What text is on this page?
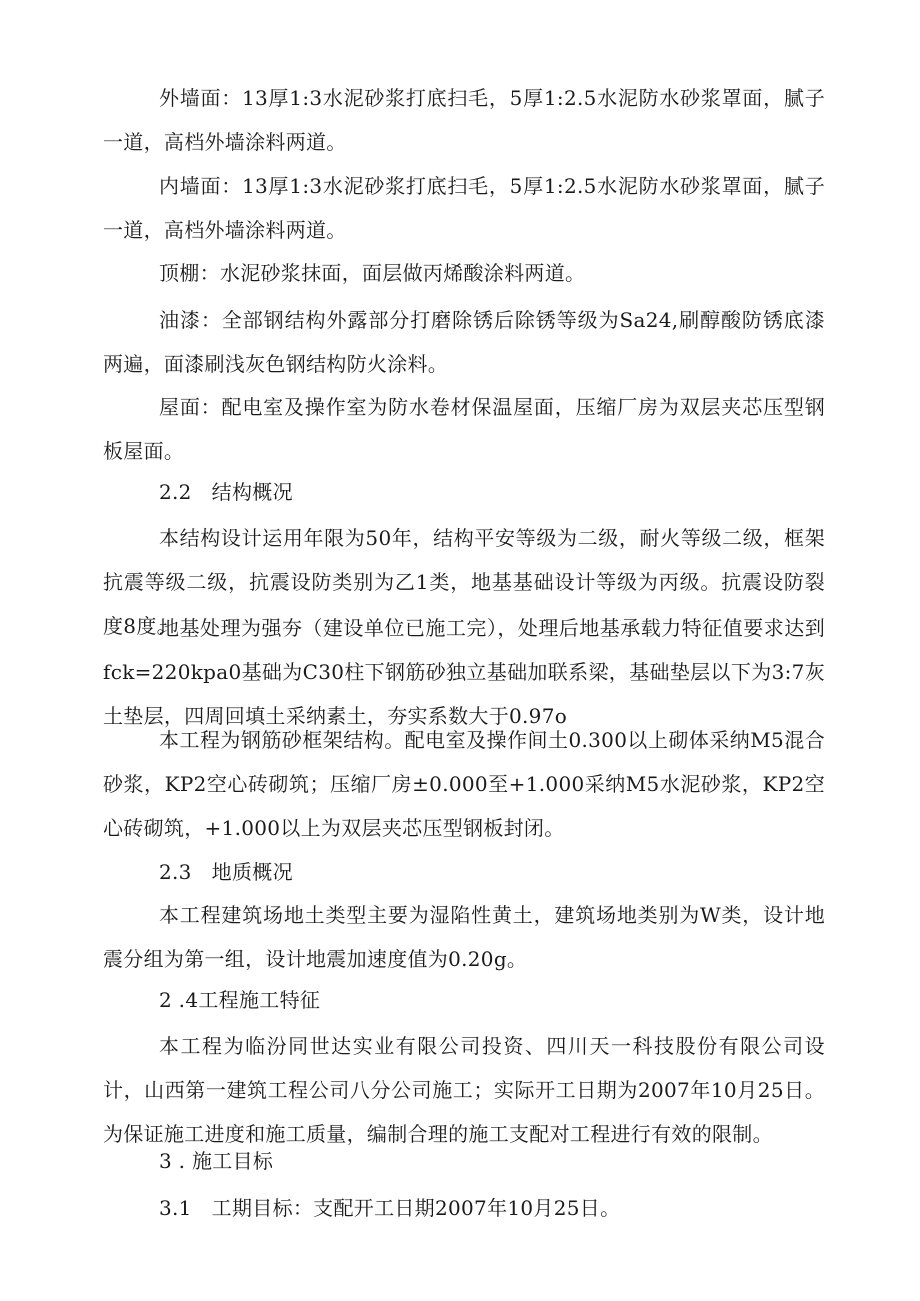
外墙面：13厚1:3水泥砂浆打底扫毛，5厚1:2.5水泥防水砂浆罩面，腻子一道，高档外墙涂料两道。

内墙面：13厚1:3水泥砂浆打底扫毛，5厚1:2.5水泥防水砂浆罩面，腻子一道，高档外墙涂料两道。

顶棚：水泥砂浆抹面，面层做丙烯酸涂料两道。

油漆：全部钢结构外露部分打磨除锈后除锈等级为Sa24,刷醇酸防锈底漆两遍，面漆刷浅灰色钢结构防火涂料。

屋面：配电室及操作室为防水卷材保温屋面，压缩厂房为双层夹芯压型钢板屋面。

2.2 结构概况

本结构设计运用年限为50年，结构平安等级为二级，耐火等级二级，框架抗震等级二级，抗震设防类别为乙1类，地基基础设计等级为丙级。抗震设防裂度8度。

地基处理为强夯（建设单位已施工完），处理后地基承载力特征值要求达到fck=220kpa0基础为C30柱下钢筋砂独立基础加联系梁，基础垫层以下为3:7灰土垫层，四周回填土采纳素土，夯实系数大于0.97o

本工程为钢筋砂框架结构。配电室及操作间土0.300以上砌体采纳M5混合砂浆，KP2空心砖砌筑；压缩厂房±0.000至+1.000采纳M5水泥砂浆，KP2空心砖砌筑，+1.000以上为双层夹芯压型钢板封闭。

2.3 地质概况

本工程建筑场地土类型主要为湿陷性黄土，建筑场地类别为W类，设计地震分组为第一组，设计地震加速度值为0.20g。

2 .4工程施工特征

本工程为临汾同世达实业有限公司投资、四川天一科技股份有限公司设计，山西第一建筑工程公司八分公司施工；实际开工日期为2007年10月25日。为保证施工进度和施工质量，编制合理的施工支配对工程进行有效的限制。

3 . 施工目标
3.1 工期目标：支配开工日期2007年10月25日。
